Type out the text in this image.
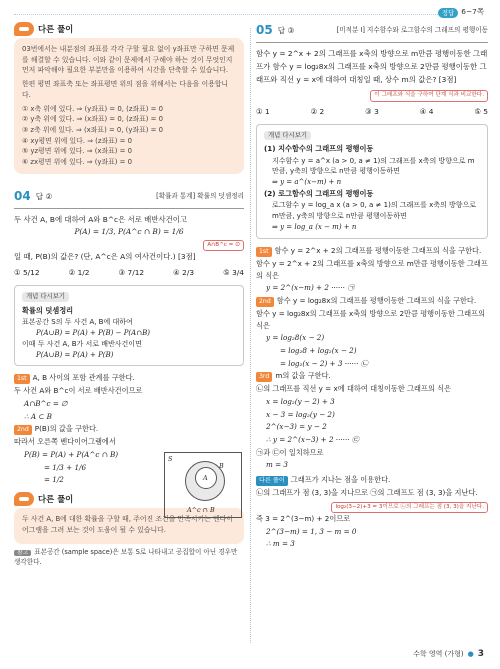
정답 6~7쪽
다른 풀이

03번에서는 내분점의 좌표를 각각 구할 필요 없이 y좌표만 구하면 문제를 해결할 수 있습니다. 이와 같이 문제에서 구해야 하는 것이 무엇인지 먼저 파악해야 필요한 부분만을 이용하여 시간을 단축할 수 있습니다.

한편 평면 좌표축 또는 좌표평면 위의 점을 위해서는 다음을 이용합니다.

① x축 위에 있다. ⇒ (y좌표) = 0, (z좌표) = 0
② y축 위에 있다. ⇒ (x좌표) = 0, (z좌표) = 0
③ z축 위에 있다. ⇒ (x좌표) = 0, (y좌표) = 0
④ xy평면 위에 있다. ⇒ (z좌표) = 0
⑤ yz평면 위에 있다. ⇒ (x좌표) = 0
⑥ zx평면 위에 있다. ⇒ (y좌표) = 0
04 답 ②	[확률과 통계] 확률의 덧셈정리
두 사건 A, B에 대하여 A와 B^c은 서로 배반사건이고
P(A) = 1/3, P(A^c ∩ B) = 1/6
A∩B^c = ∅
일 때, P(B)의 값은? (단, A^c은 A의 여사건이다.) [3점]
① 5/12	② 1/2	③ 7/12	④ 2/3	⑤ 3/4
개념 다시보기
확률의 덧셈정리
표본공간 S의 두 사건 A, B에 대하여
P(A∪B) = P(A) + P(B) − P(A∩B)
이때 두 사건 A, B가 서로 배반사건이면
P(A∪B) = P(A) + P(B)

1st A, B 사이의 포함 관계를 구한다.

두 사건 A와 B^c이 서로 배반사건이므로

A∩B^c = ∅

∴ A ⊂ B

2nd P(B)의 값을 구한다.

따라서 오른쪽 벤다이어그램에서

P(B) = P(A) + P(A^c ∩ B)

= 1/3 + 1/6

= 1/2

S
B
A
A^c ∩ B
다른 풀이

두 사건 A, B에 대한 확률을 구할 때, 주어진 조건을 만족시키는 벤다이어그램을 그려 보는 것이 도움이 될 수 있습니다.

참고 표본공간 (sample space)은 보통 S로 나타내고 공집합이 아닌 경우만 생각한다.
05 답 ③	[미적분 I] 지수함수와 로그함수의 그래프의 평행이동
함수 y = 2^x + 2의 그래프를 x축의 방향으로 m만큼 평행이동한 그래프가 함수 y = log₂8x의 그래프를 x축의 방향으로 2만큼 평행이동한 그래프와 직선 y = x에 대하여 대칭일 때, 상수 m의 값은? [3점]
이 그래프와 식을 구하여 단계 식과 비교한다.
① 1	② 2	③ 3	④ 4	⑤ 5
개념 다시보기
(1) 지수함수의 그래프의 평행이동
지수함수 y = a^x (a > 0, a ≠ 1)의 그래프를 x축의 방향으로 m만큼, y축의 방향으로 n만큼 평행이동하면
⇒ y = a^(x−m) + n
(2) 로그함수의 그래프의 평행이동
로그함수 y = log_a x (a > 0, a ≠ 1)의 그래프를 x축의 방향으로 m만큼, y축의 방향으로 n만큼 평행이동하면
⇒ y = log_a (x − m) + n

1st 함수 y = 2^x + 2의 그래프를 평행이동한 그래프의 식을 구한다.

함수 y = 2^x + 2의 그래프를 x축의 방향으로 m만큼 평행이동한 그래프의 식은

y = 2^(x−m) + 2 ······ ㉠

2nd 함수 y = log₂8x의 그래프를 평행이동한 그래프의 식을 구한다.

함수 y = log₂8x의 그래프를 x축의 방향으로 2만큼 평행이동한 그래프의 식은

y = log₂8(x − 2)

= log₂8 + log₂(x − 2)

= log₂(x − 2) + 3 ······ ㉡

3rd m의 값을 구한다.

㉡의 그래프를 직선 y = x에 대하여 대칭이동한 그래프의 식은

x = log₂(y − 2) + 3

x − 3 = log₂(y − 2)

2^(x−3) = y − 2

∴ y = 2^(x−3) + 2 ······ ㉢

㉠과 ㉢이 일치하므로

m = 3

다른 풀이 그래프가 지나는 점을 이용한다.

㉡의 그래프가 점 (3, 3)을 지나므로 ㉠의 그래프도 점 (3, 3)을 지난다.

log₂(3−2)+3 = 3이므로 ㉡의 그래프는 점 (3, 3)을 지난다.

즉 3 = 2^(3−m) + 2이므로

2^(3−m) = 1, 3 − m = 0

∴ m = 3

수학 영역 (가형) ● 3
